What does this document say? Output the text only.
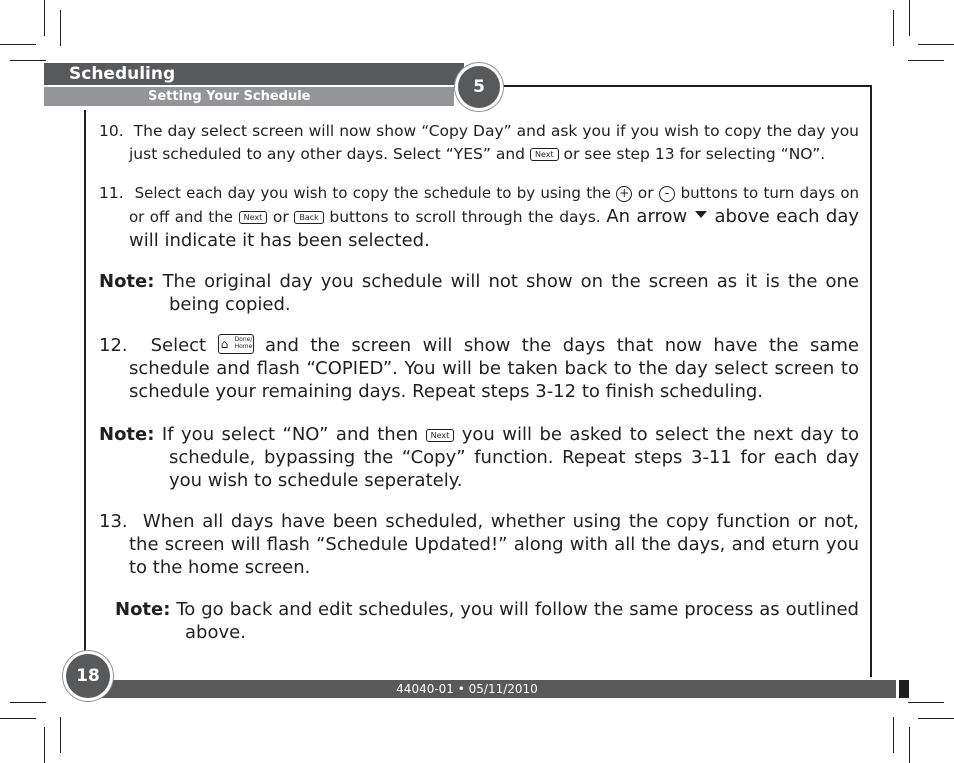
Scheduling
Setting Your Schedule	5

10. The day select screen will now show “Copy Day” and ask you if you wish to copy the day you just scheduled to any other days. Select “YES” and Next or see step 13 for selecting “NO”.

11. Select each day you wish to copy the schedule to by using the + or - buttons to turn days on or off and the Next or Back buttons to scroll through the days. An arrow above each day will indicate it has been selected.

Note: The original day you schedule will not show on the screen as it is the one being copied.

12. Select ⌂ Done/ Home and the screen will show the days that now have the same schedule and flash “COPIED”. You will be taken back to the day select screen to schedule your remaining days. Repeat steps 3-12 to finish scheduling.

Note: If you select “NO” and then Next you will be asked to select the next day to schedule, bypassing the “Copy” function. Repeat steps 3-11 for each day you wish to schedule seperately.

13. When all days have been scheduled, whether using the copy function or not, the screen will flash “Schedule Updated!” along with all the days, and eturn you to the home screen.

Note: To go back and edit schedules, you will follow the same process as outlined above.

44040-01 • 05/11/2010
18
